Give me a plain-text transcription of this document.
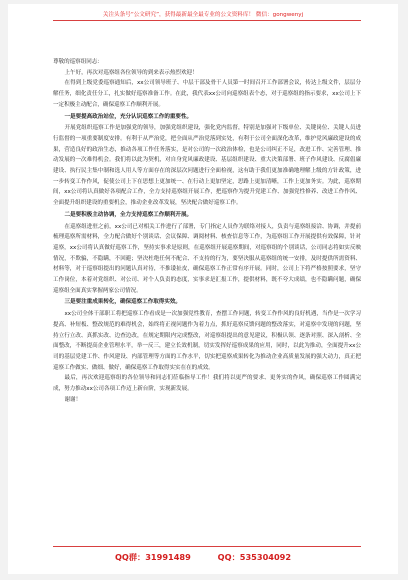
关注头条号“公文研究”，获得最新最全最专业的公文资料库！ 微信：gongwenyj

尊敬的巡察组同志：

上午好，再次对巡察组各位领导的到来表示热烈欢迎！

在得到上级党委巡察通知后，xx公司领导班子、中层干部及骨干人员第一时间召开工作部署会议，传达上级文件，层层分解任务，细化责任分工，扎实做好巡察准备工作。在此，我代表xx公司向巡察组表个态，对于巡察组的指示要求，xx公司上下一定积极主动配合，确保巡察工作顺利开展。

一是要提高政治站位，充分认识巡察工作的重要性。

开展党组织巡察工作是加强党的领导，加强党组织建设，强化党内监督，特别是加强对下级单位、关键岗位、关键人员进行监督的一项重要制度安排。有利于从严治党，把全面从严治党落到实处，有利于公司全面深化改革，维护党风廉政建设的成果，营造良好的政治生态，推动各项工作任务落实，是对公司的一次政治体检，也是公司纠正不足，改进工作、完善管理、推动发展的一次难得机会。我们将以此为契机，对自身党风廉政建设、基层组织建设、重大决策部署、班子作风建设、反腐倡廉建设、执行民主集中制和选人用人等方面存在的深层次问题进行全面检视，这有助于我们更加准确地理解上级的方针政策，进一步转变工作作风，促使公司上下在思想上更加统一、在行动上更加坚定，思路上更加清晰，工作上更加务实。为此，巡察期间，xx公司将认真做好各项配合工作，全力支持巡察组开展工作，把巡察作为提升党建工作、加强党性修养、改进工作作风、全面提升组织建设的重要机会，推动企业改革发展，坚决配合做好巡察工作。

二是要积极主动协调，全力支持巡察工作顺利开展。

在巡察组进驻之前，xx公司已对相关工作进行了部署，专门指定人员作为联络对接人，负责与巡察组接洽、协调，并提前梳理巡察所需材料，全力配合做好个别谈话、会议保障、调阅材料、核查信息等工作，为巡察组工作开展提供有效保障，针对巡察，xx公司将认真做好巡察工作，坚持实事求是原则，在巡察组开展巡察期间，对巡察组的个别谈话，公司同志将如实反映情况，不欺骗，不隐瞒，不回避；坚决杜绝任何不配合、不支持的行为，要坚决服从巡察组的统一安排，及时提供所需资料、材料等，对于巡察组提出的问题认真对待，不推诿扯皮，确保巡察工作正常有序开展。同时，公司上下将严格按照要求，坚守工作岗位，本着对党组织、对公司、对个人负责的态度，实事求是汇报工作，提供材料，既不夸大成绩，也不隐瞒问题，确保巡察组全面真实掌握两家公司情况。

三是要注重成果转化，确保巡察工作取得实效。

xx公司全体干部职工将把巡察工作看成是一次加强党性教育，查摆工作问题，转变工作作风的良好机遇，当作是一次学习提高、补短板、整改规范的难得机会，始终将正视问题作为着力点，抓好巡察反馈问题的整改落实，对巡察中发现的问题，坚持立行立改、真抓实改、边查边改，在规定期限内完成整改，对巡察组提出的意见建议，积极认领、逐条对照、深入剖析、全面整改，不断提高企业管理水平，举一反三，建立长效机制，切实发挥好巡察成果的应用，同时，以此为推动，全面提升xx公司的基层党建工作、作风建设、内部管理等方面的工作水平，切实把巡察成果转化为推动企业高质量发展的强大动力，真正把巡察工作做实、做细、做好，确保巡察工作取得实实在在的成效。

最后，再次欢迎巡察组的各位领导和同志们莅临指导工作！我们将以更严的要求、更务实的作风，确保巡察工作圆满完成，努力推动xx公司各项工作迈上新台阶，实现新发展。

谢谢！

QQ群：31991489	QQ：535304092
